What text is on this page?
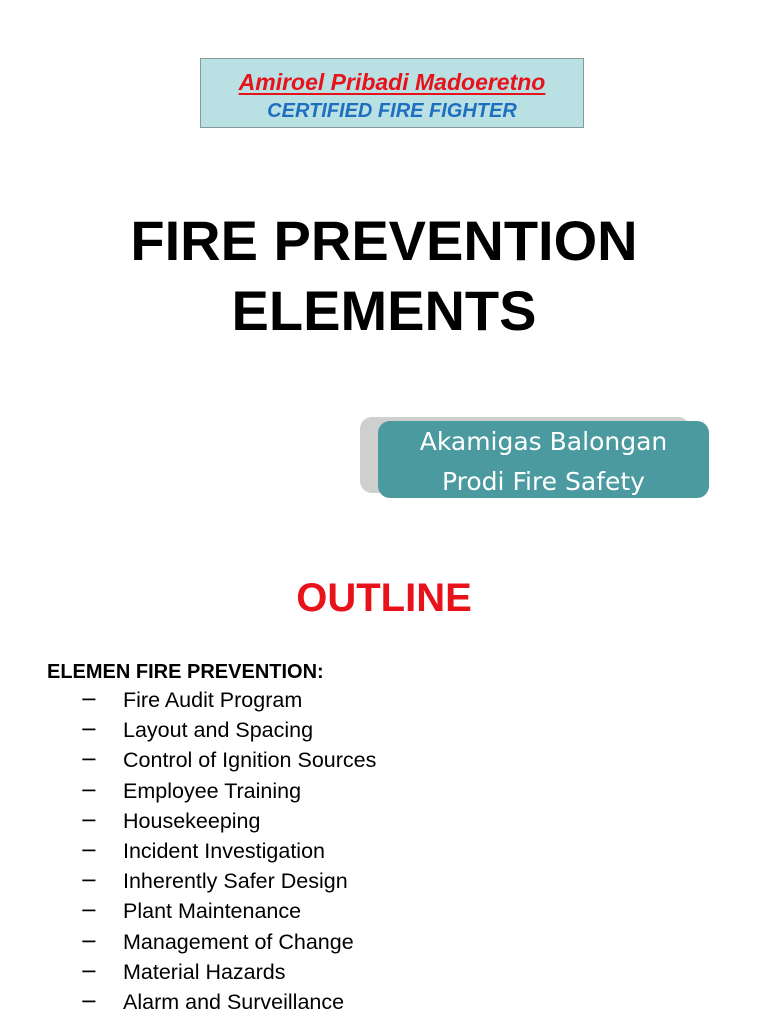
Amiroel Pribadi Madoeretno
CERTIFIED FIRE FIGHTER
FIRE PREVENTION
ELEMENTS
Akamigas Balongan
Prodi Fire Safety
OUTLINE
ELEMEN FIRE PREVENTION:
− Fire Audit Program
− Layout and Spacing
− Control of Ignition Sources
− Employee Training
− Housekeeping
− Incident Investigation
− Inherently Safer Design
− Plant Maintenance
− Management of Change
− Material Hazards
− Alarm and Surveillance
